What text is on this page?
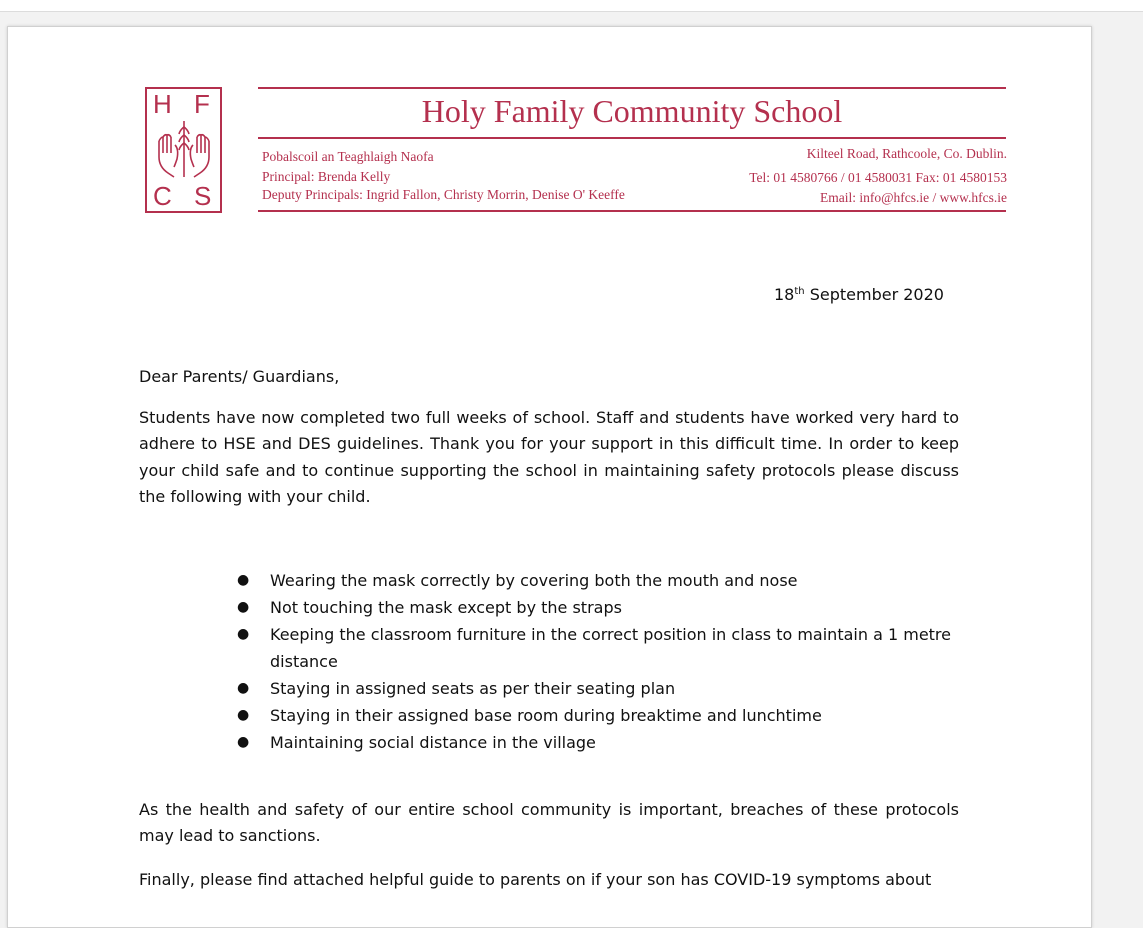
H F
C S
Holy Family Community School
Pobalscoil an Teaghlaigh Naofa
Principal: Brenda Kelly
Deputy Principals: Ingrid Fallon, Christy Morrin, Denise O' Keeffe
Kilteel Road, Rathcoole, Co. Dublin.
Tel: 01 4580766 / 01 4580031 Fax: 01 4580153
Email: info@hfcs.ie / www.hfcs.ie
18th September 2020
Dear Parents/ Guardians,
Students have now completed two full weeks of school. Staff and students have worked very hard to
adhere to HSE and DES guidelines. Thank you for your support in this difficult time. In order to keep
your child safe and to continue supporting the school in maintaining safety protocols please discuss
the following with your child.
● Wearing the mask correctly by covering both the mouth and nose
● Not touching the mask except by the straps
● Keeping the classroom furniture in the correct position in class to maintain a 1 metre distance
● Staying in assigned seats as per their seating plan
● Staying in their assigned base room during breaktime and lunchtime
● Maintaining social distance in the village
As the health and safety of our entire school community is important, breaches of these protocols
may lead to sanctions.
Finally, please find attached helpful guide to parents on if your son has COVID-19 symptoms about
